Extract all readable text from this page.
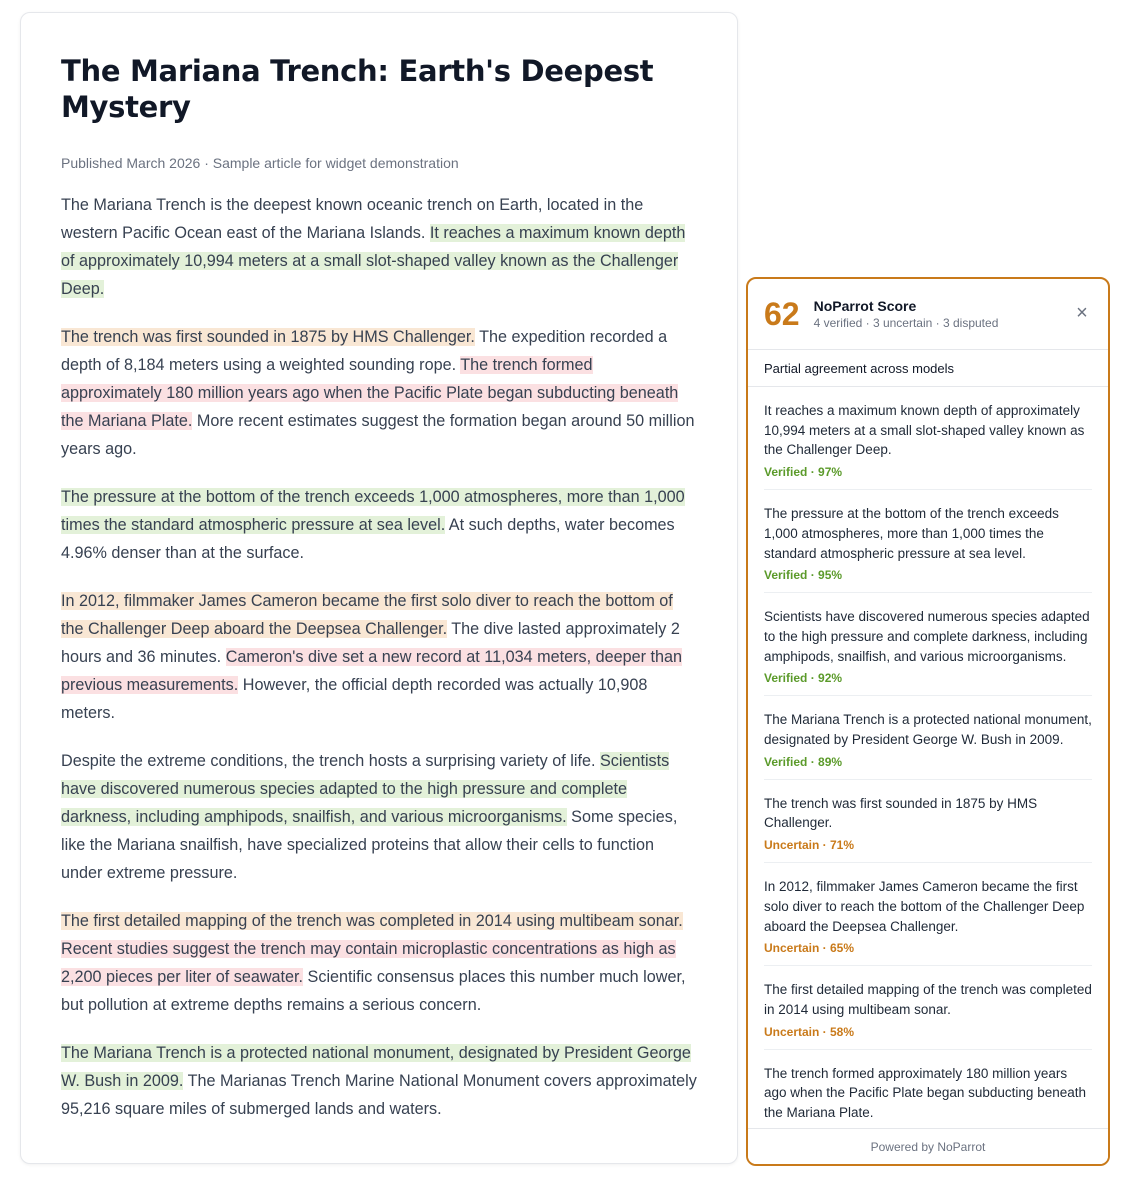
The Mariana Trench: Earth's Deepest Mystery
Published March 2026 · Sample article for widget demonstration

The Mariana Trench is the deepest known oceanic trench on Earth, located in the western Pacific Ocean east of the Mariana Islands. It reaches a maximum known depth of approximately 10,994 meters at a small slot-shaped valley known as the Challenger Deep.

The trench was first sounded in 1875 by HMS Challenger. The expedition recorded a depth of 8,184 meters using a weighted sounding rope. The trench formed approximately 180 million years ago when the Pacific Plate began subducting beneath the Mariana Plate. More recent estimates suggest the formation began around 50 million years ago.

The pressure at the bottom of the trench exceeds 1,000 atmospheres, more than 1,000 times the standard atmospheric pressure at sea level. At such depths, water becomes 4.96% denser than at the surface.

In 2012, filmmaker James Cameron became the first solo diver to reach the bottom of the Challenger Deep aboard the Deepsea Challenger. The dive lasted approximately 2 hours and 36 minutes. Cameron's dive set a new record at 11,034 meters, deeper than previous measurements. However, the official depth recorded was actually 10,908 meters.

Despite the extreme conditions, the trench hosts a surprising variety of life. Scientists have discovered numerous species adapted to the high pressure and complete darkness, including amphipods, snailfish, and various microorganisms. Some species, like the Mariana snailfish, have specialized proteins that allow their cells to function under extreme pressure.

The first detailed mapping of the trench was completed in 2014 using multibeam sonar. Recent studies suggest the trench may contain microplastic concentrations as high as 2,200 pieces per liter of seawater. Scientific consensus places this number much lower, but pollution at extreme depths remains a serious concern.

The Mariana Trench is a protected national monument, designated by President George W. Bush in 2009. The Marianas Trench Marine National Monument covers approximately 95,216 square miles of submerged lands and waters.

62 NoParrot Score
4 verified · 3 uncertain · 3 disputed	×
Partial agreement across models
It reaches a maximum known depth of approximately 10,994 meters at a small slot-shaped valley known as the Challenger Deep.
Verified · 97%
The pressure at the bottom of the trench exceeds 1,000 atmospheres, more than 1,000 times the standard atmospheric pressure at sea level.
Verified · 95%
Scientists have discovered numerous species adapted to the high pressure and complete darkness, including amphipods, snailfish, and various microorganisms.
Verified · 92%
The Mariana Trench is a protected national monument, designated by President George W. Bush in 2009.
Verified · 89%
The trench was first sounded in 1875 by HMS Challenger.
Uncertain · 71%
In 2012, filmmaker James Cameron became the first solo diver to reach the bottom of the Challenger Deep aboard the Deepsea Challenger.
Uncertain · 65%
The first detailed mapping of the trench was completed in 2014 using multibeam sonar.
Uncertain · 58%
The trench formed approximately 180 million years ago when the Pacific Plate began subducting beneath the Mariana Plate.
Powered by NoParrot
